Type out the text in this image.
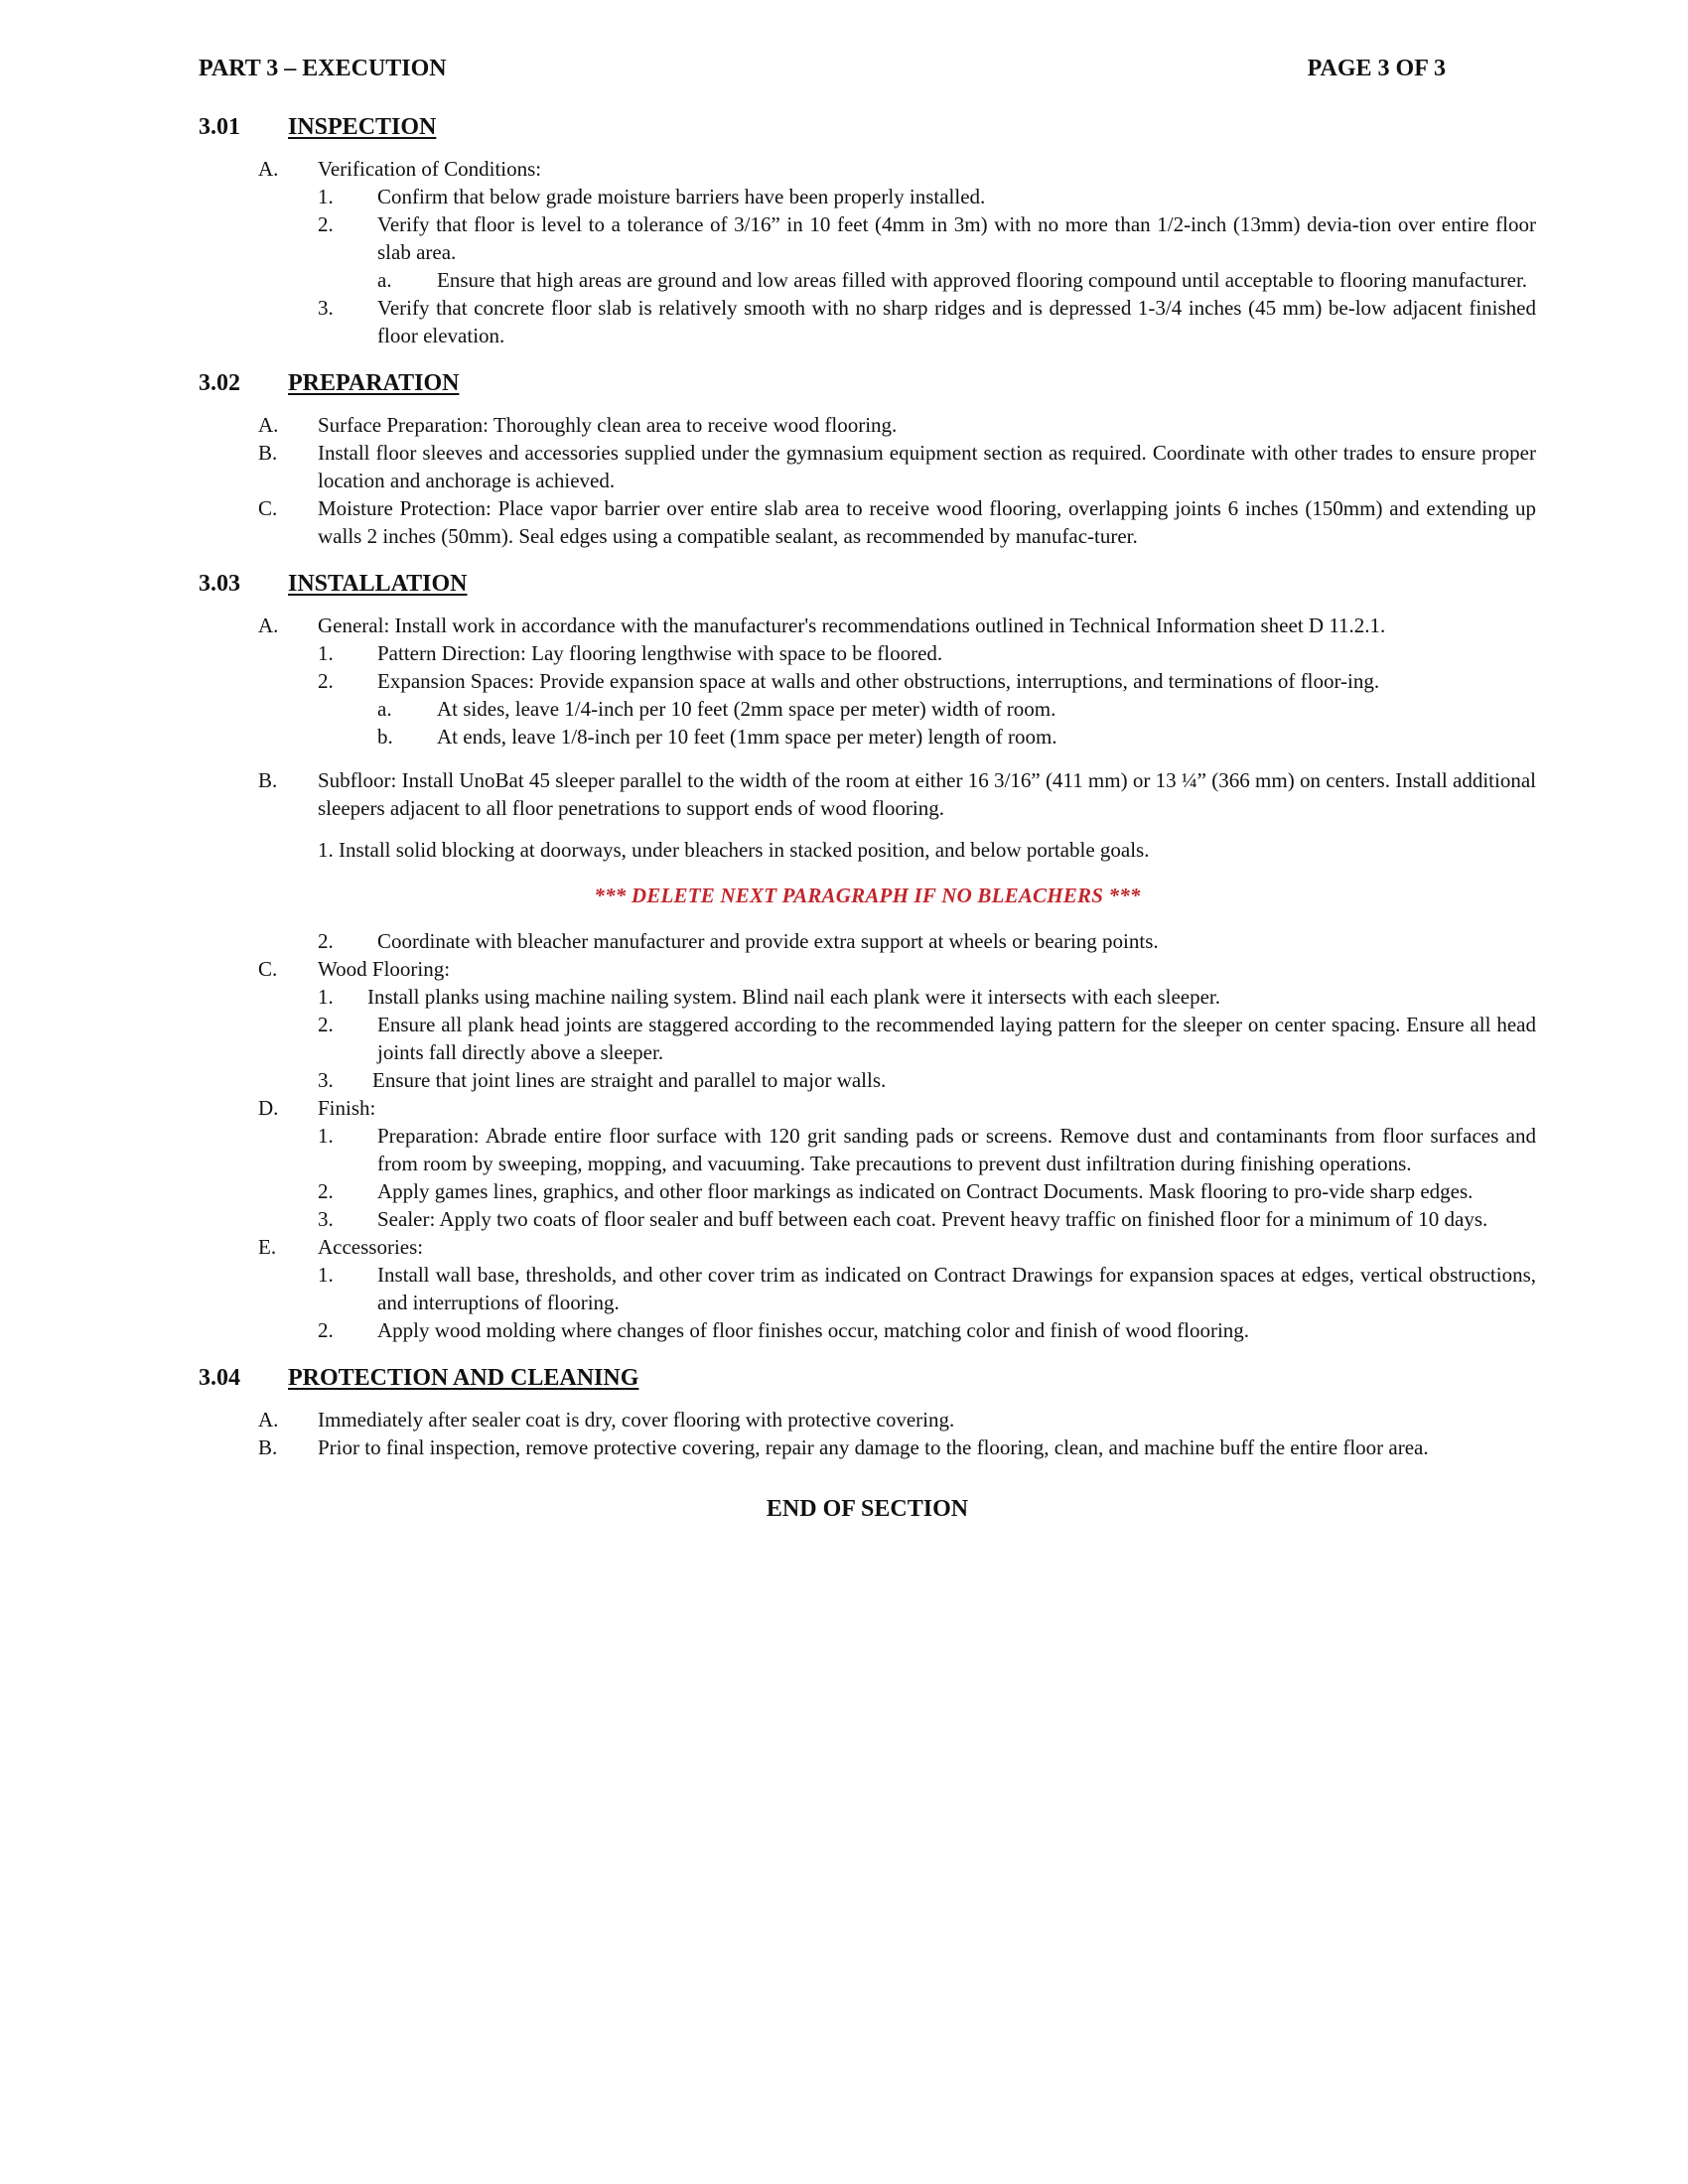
PART 3 – EXECUTION	PAGE 3 OF 3
3.01 INSPECTION
A. Verification of Conditions:
1. Confirm that below grade moisture barriers have been properly installed.
2. Verify that floor is level to a tolerance of 3/16” in 10 feet (4mm in 3m) with no more than 1/2-inch (13mm) devia-tion over entire floor slab area.
a. Ensure that high areas are ground and low areas filled with approved flooring compound until acceptable to flooring manufacturer.
3. Verify that concrete floor slab is relatively smooth with no sharp ridges and is depressed 1-3/4 inches (45 mm) be-low adjacent finished floor elevation.
3.02 PREPARATION
A. Surface Preparation: Thoroughly clean area to receive wood flooring.
B. Install floor sleeves and accessories supplied under the gymnasium equipment section as required. Coordinate with other trades to ensure proper location and anchorage is achieved.
C. Moisture Protection: Place vapor barrier over entire slab area to receive wood flooring, overlapping joints 6 inches (150mm) and extending up walls 2 inches (50mm). Seal edges using a compatible sealant, as recommended by manufac-turer.
3.03 INSTALLATION
A. General: Install work in accordance with the manufacturer's recommendations outlined in Technical Information sheet D 11.2.1.
1. Pattern Direction: Lay flooring lengthwise with space to be floored.
2. Expansion Spaces: Provide expansion space at walls and other obstructions, interruptions, and terminations of floor-ing.
a. At sides, leave 1/4-inch per 10 feet (2mm space per meter) width of room.
b. At ends, leave 1/8-inch per 10 feet (1mm space per meter) length of room.
B. Subfloor: Install UnoBat 45 sleeper parallel to the width of the room at either 16 3/16” (411 mm) or 13 ¼” (366 mm) on centers. Install additional sleepers adjacent to all floor penetrations to support ends of wood flooring.
1. Install solid blocking at doorways, under bleachers in stacked position, and below portable goals.
*** DELETE NEXT PARAGRAPH IF NO BLEACHERS ***
2. Coordinate with bleacher manufacturer and provide extra support at wheels or bearing points.
C. Wood Flooring:
1. Install planks using machine nailing system. Blind nail each plank were it intersects with each sleeper.
2. Ensure all plank head joints are staggered according to the recommended laying pattern for the sleeper on center spacing. Ensure all head joints fall directly above a sleeper.
3. Ensure that joint lines are straight and parallel to major walls.
D. Finish:
1. Preparation: Abrade entire floor surface with 120 grit sanding pads or screens. Remove dust and contaminants from floor surfaces and from room by sweeping, mopping, and vacuuming. Take precautions to prevent dust infiltration during finishing operations.
2. Apply games lines, graphics, and other floor markings as indicated on Contract Documents. Mask flooring to pro-vide sharp edges.
3. Sealer: Apply two coats of floor sealer and buff between each coat. Prevent heavy traffic on finished floor for a minimum of 10 days.
E. Accessories:
1. Install wall base, thresholds, and other cover trim as indicated on Contract Drawings for expansion spaces at edges, vertical obstructions, and interruptions of flooring.
2. Apply wood molding where changes of floor finishes occur, matching color and finish of wood flooring.
3.04 PROTECTION AND CLEANING
A. Immediately after sealer coat is dry, cover flooring with protective covering.
B. Prior to final inspection, remove protective covering, repair any damage to the flooring, clean, and machine buff the entire floor area.
END OF SECTION
